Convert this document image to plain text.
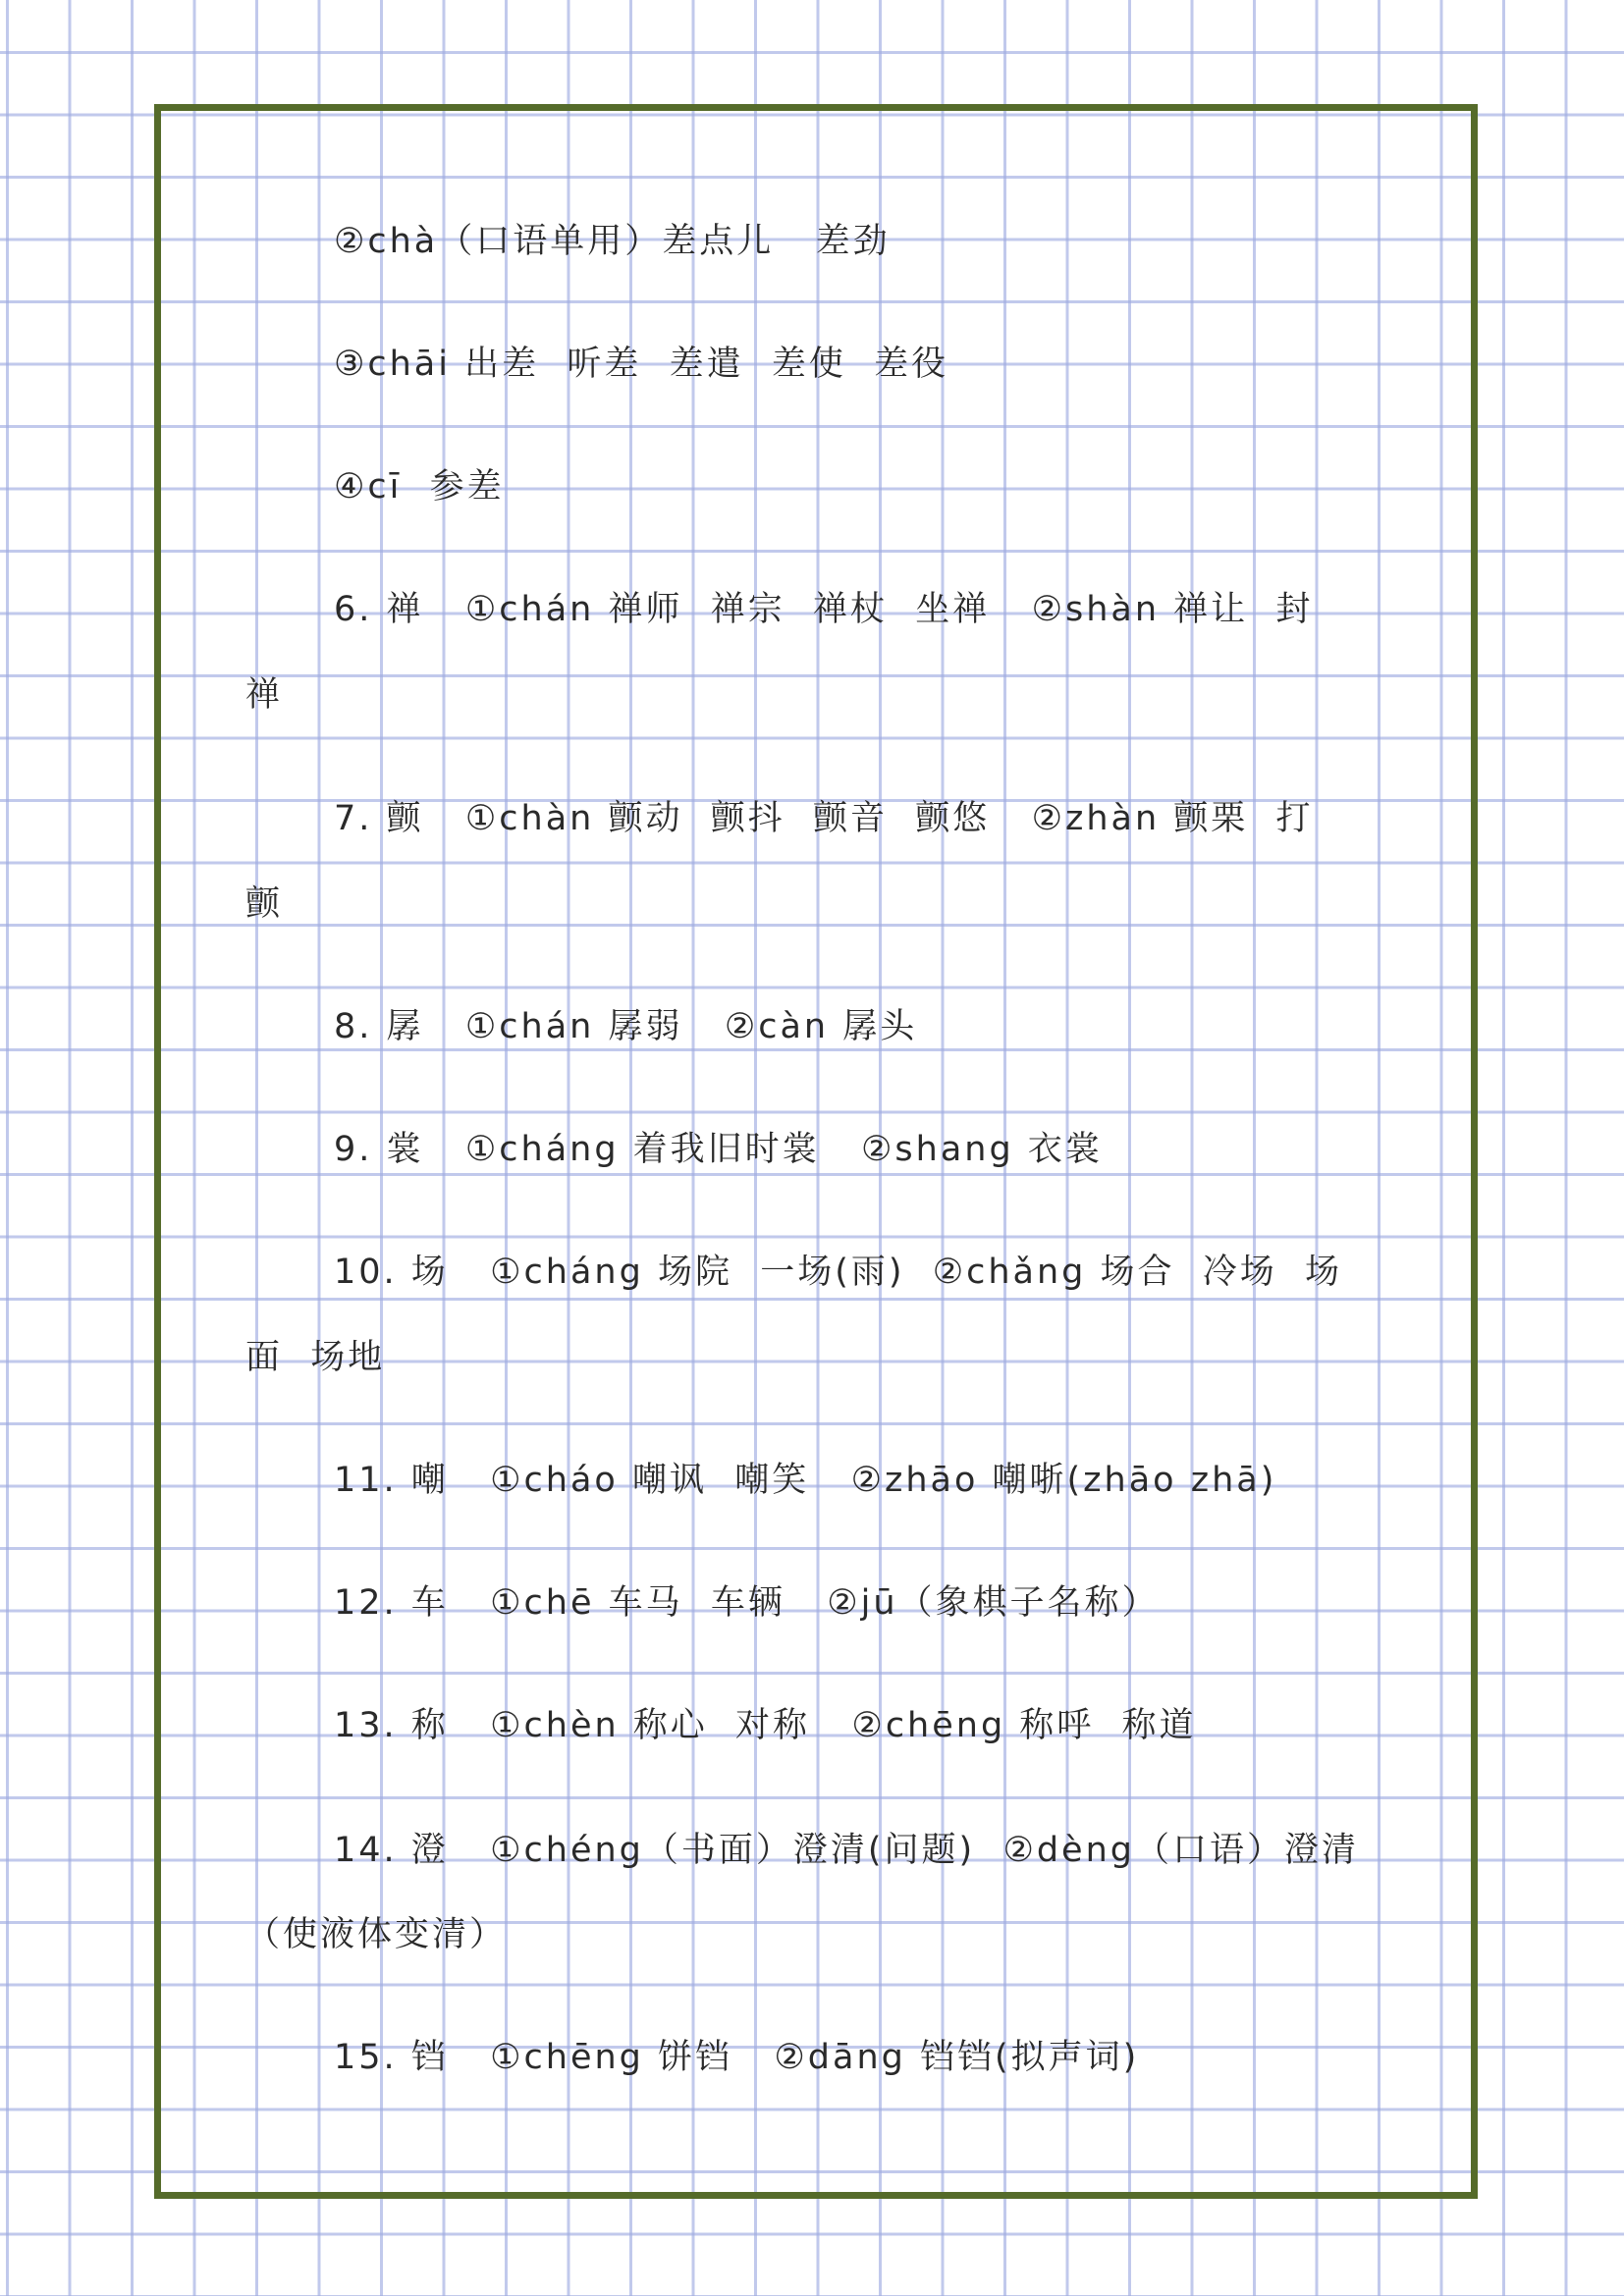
②chà（口语单用）差点儿   差劲
③chāi 出差  听差  差遣  差使  差役
④cī  参差
6. 禅   ①chán 禅师  禅宗  禅杖  坐禅   ②shàn 禅让  封
禅
7. 颤   ①chàn 颤动  颤抖  颤音  颤悠   ②zhàn 颤栗  打
颤
8. 孱   ①chán 孱弱   ②càn 孱头
9. 裳   ①cháng 着我旧时裳   ②shang 衣裳
10. 场   ①cháng 场院  一场(雨)  ②chǎng 场合  冷场  场
面  场地
11. 嘲   ①cháo 嘲讽  嘲笑   ②zhāo 嘲哳(zhāo zhā)
12. 车   ①chē 车马  车辆   ②jū（象棋子名称）
13. 称   ①chèn 称心  对称   ②chēng 称呼  称道
14. 澄   ①chéng（书面）澄清(问题)  ②dèng（口语）澄清
（使液体变清）
15. 铛   ①chēng 饼铛   ②dāng 铛铛(拟声词)
